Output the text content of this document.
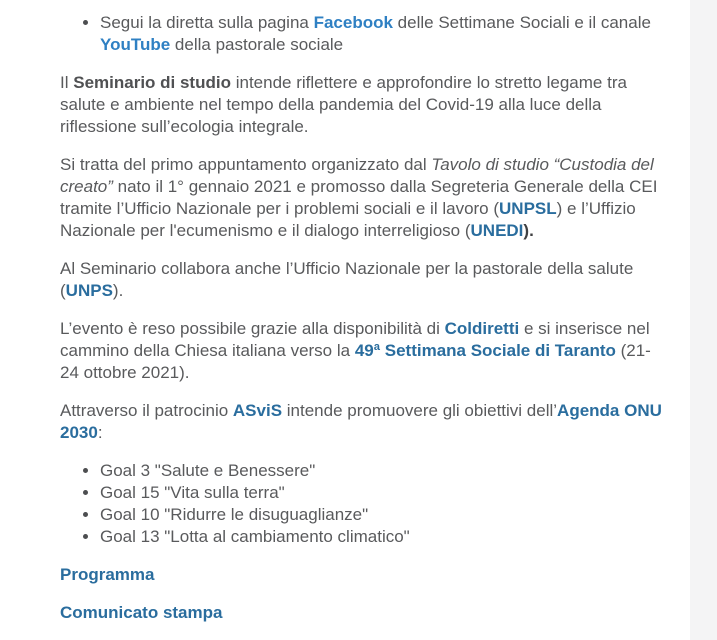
• Segui la diretta sulla pagina Facebook delle Settimane Sociali e il canale YouTube della pastorale sociale

Il Seminario di studio intende riflettere e approfondire lo stretto legame tra salute e ambiente nel tempo della pandemia del Covid-19 alla luce della riflessione sull’ecologia integrale.

Si tratta del primo appuntamento organizzato dal Tavolo di studio “Custodia del creato” nato il 1° gennaio 2021 e promosso dalla Segreteria Generale della CEI tramite l’Ufficio Nazionale per i problemi sociali e il lavoro (UNPSL) e l’Uffizio Nazionale per l'ecumenismo e il dialogo interreligioso (UNEDI).

Al Seminario collabora anche l’Ufficio Nazionale per la pastorale della salute (UNPS).

L’evento è reso possibile grazie alla disponibilità di Coldiretti e si inserisce nel cammino della Chiesa italiana verso la 49ª Settimana Sociale di Taranto (21-24 ottobre 2021).

Attraverso il patrocinio ASviS intende promuovere gli obiettivi dell’Agenda ONU 2030:

• Goal 3 "Salute e Benessere"
• Goal 15 "Vita sulla terra"
• Goal 10 "Ridurre le disuguaglianze"
• Goal 13 "Lotta al cambiamento climatico"

Programma

Comunicato stampa
